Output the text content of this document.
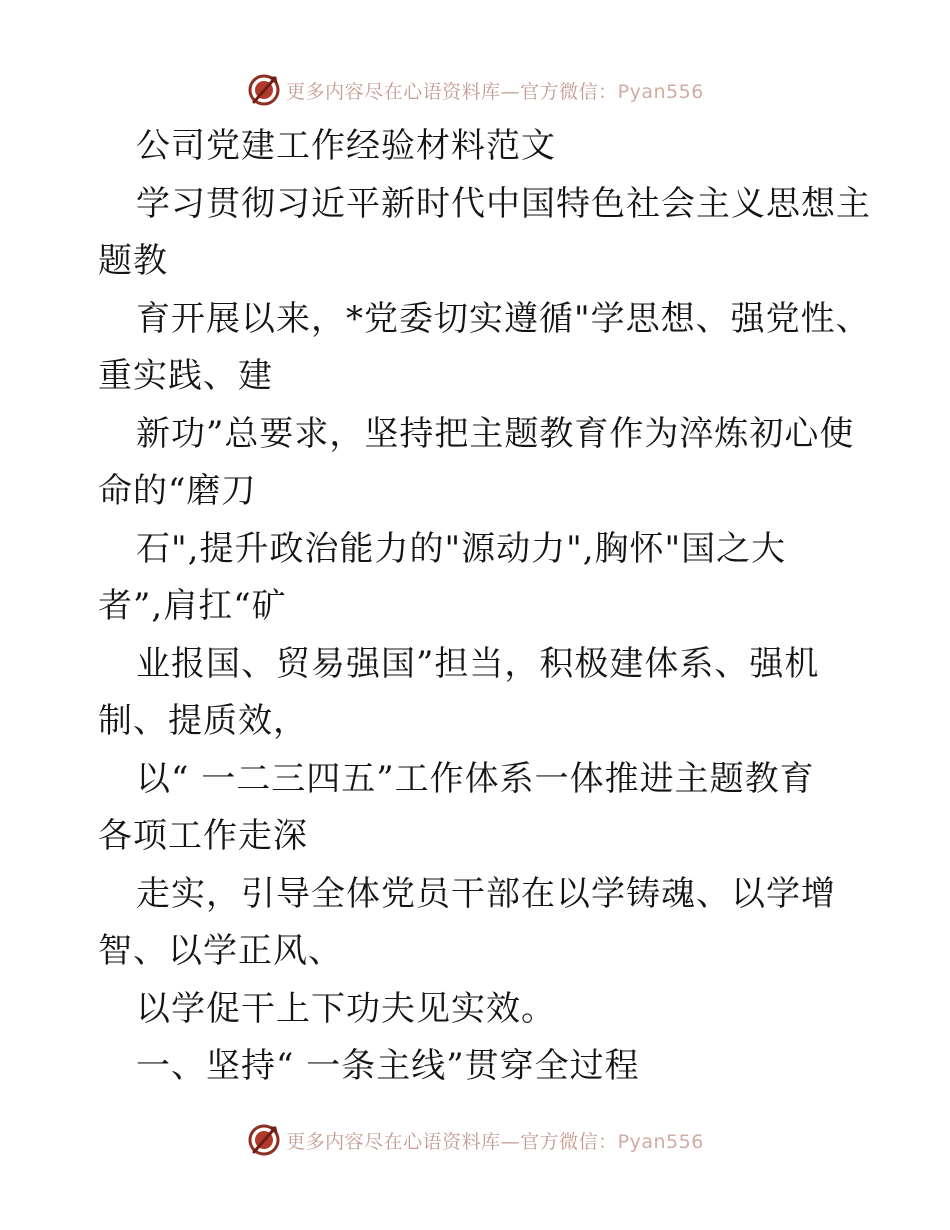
更多内容尽在心语资料库—官方微信：Pyan556
公司党建工作经验材料范文
学习贯彻习近平新时代中国特色社会主义思想主
题教
育开展以来，*党委切实遵循"学思想、强党性、
重实践、建
新功”总要求，坚持把主题教育作为淬炼初心使
命的“磨刀
石",提升政治能力的"源动力",胸怀"国之大
者”,肩扛“矿
业报国、贸易强国”担当，积极建体系、强机
制、提质效，
以“ 一二三四五”工作体系一体推进主题教育
各项工作走深
走实，引导全体党员干部在以学铸魂、以学增
智、以学正风、
以学促干上下功夫见实效。
一、坚持“ 一条主线”贯穿全过程
更多内容尽在心语资料库—官方微信：Pyan556
